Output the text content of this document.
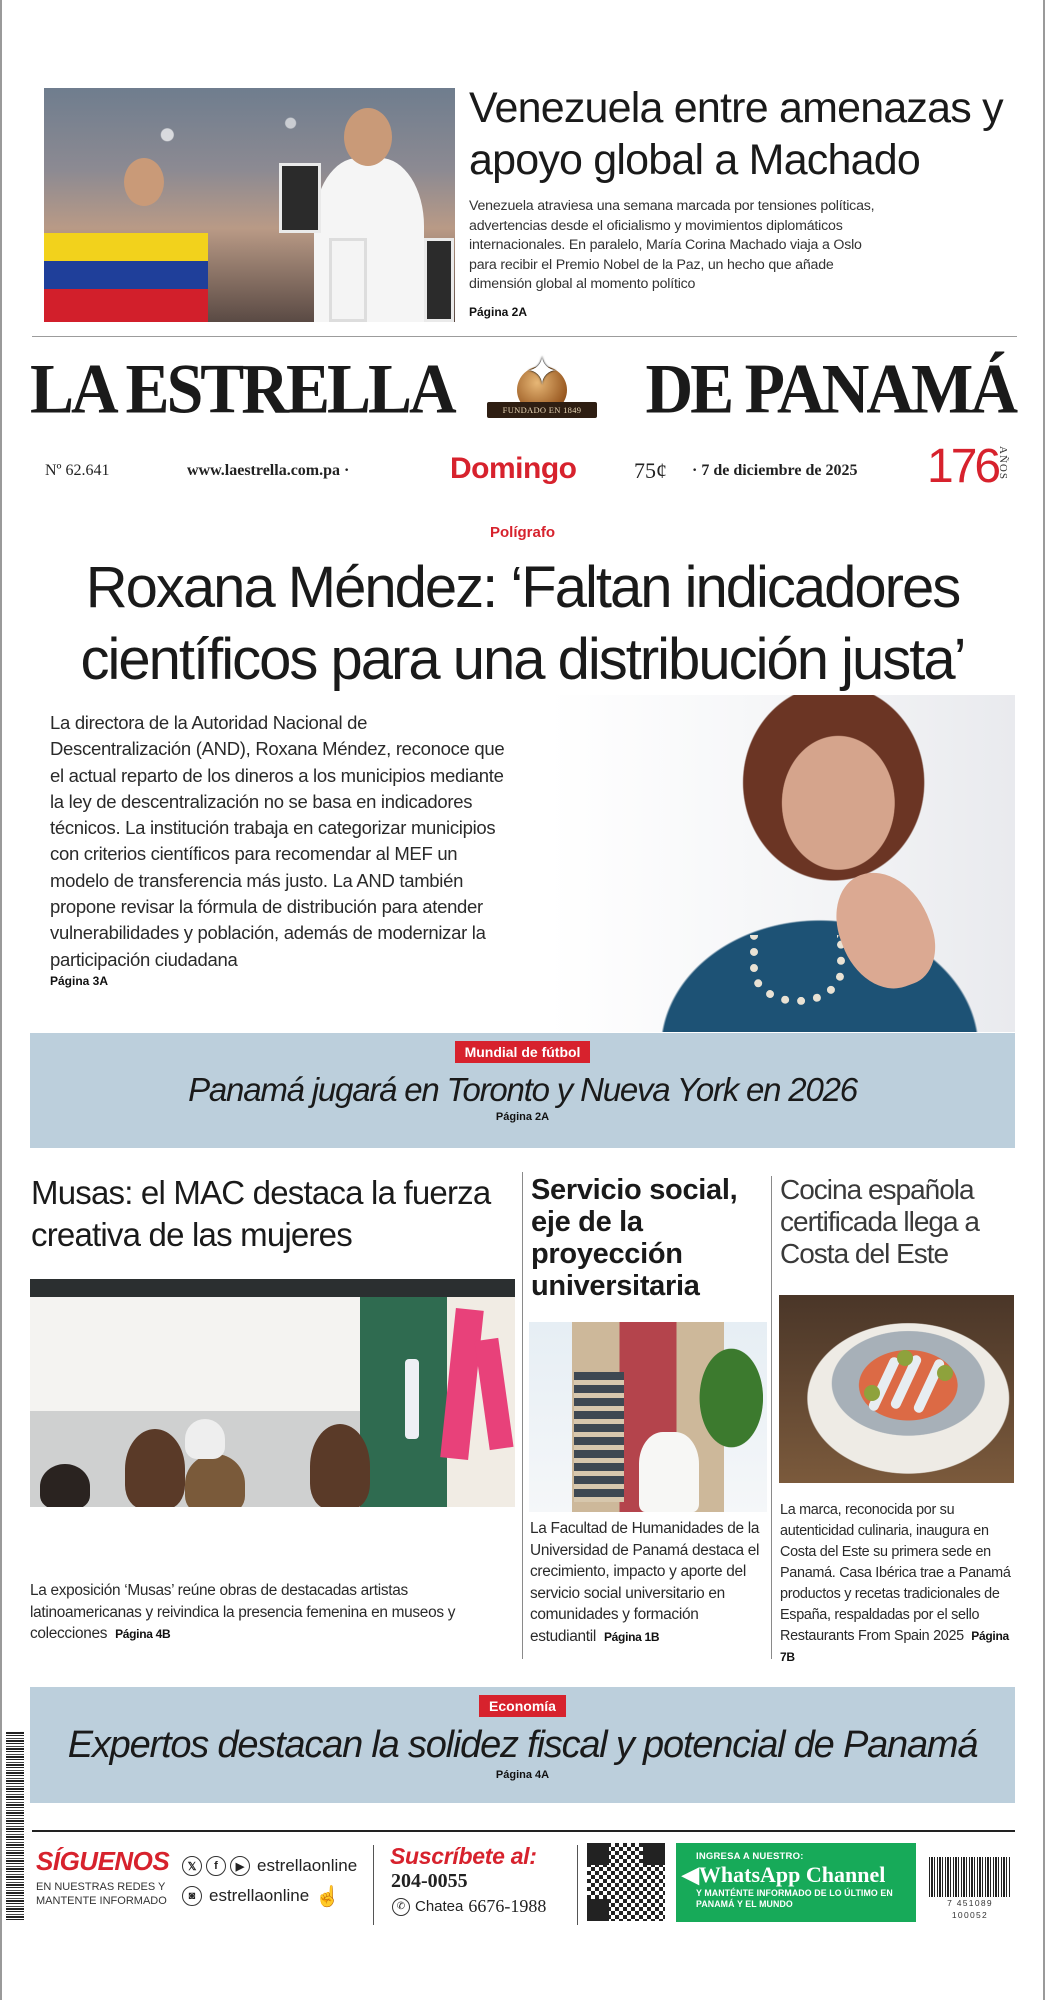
Venezuela entre amenazas y apoyo global a Machado
Venezuela atraviesa una semana marcada por tensiones políticas, advertencias desde el oficialismo y movimientos diplomáticos internacionales. En paralelo, María Corina Machado viaja a Oslo para recibir el Premio Nobel de la Paz, un hecho que añade dimensión global al momento político
Página 2A
LA ESTRELLA ✦
FUNDADO EN 1849 DE PANAMÁ
Nº 62.641	www.laestrella.com.pa ·	Domingo	75¢ · 7 de diciembre de 2025 176
AÑOS
Polígrafo
Roxana Méndez: ‘Faltan indicadores científicos para una distribución justa’
La directora de la Autoridad Nacional de Descentralización (AND), Roxana Méndez, reconoce que el actual reparto de los dineros a los municipios mediante la ley de descentralización no se basa en indicadores técnicos. La institución trabaja en categorizar municipios con criterios científicos para recomendar al MEF un modelo de transferencia más justo. La AND también propone revisar la fórmula de distribución para atender vulnerabilidades y población, además de modernizar la participación ciudadana
Página 3A
Mundial de fútbol
Panamá jugará en Toronto y Nueva York en 2026
Página 2A
Musas: el MAC destaca la fuerza creativa de las mujeres
La exposición ‘Musas’ reúne obras de destacadas artistas latinoamericanas y reivindica la presencia femenina en museos y colecciones Página 4B
Servicio social, eje de la proyección universitaria
La Facultad de Humanidades de la Universidad de Panamá destaca el crecimiento, impacto y aporte del servicio social universitario en comunidades y formación estudiantil Página 1B
Cocina española certificada llega a Costa del Este
La marca, reconocida por su autenticidad culinaria, inaugura en Costa del Este su primera sede en Panamá. Casa Ibérica trae a Panamá productos y recetas tradicionales de España, respaldadas por el sello Restaurants From Spain 2025 Página 7B
Economía
Expertos destacan la solidez fiscal y potencial de Panamá
Página 4A
SÍGUENOS
EN NUESTRAS REDES Y MANTENTE INFORMADO
𝕏	f	▶ estrellaonline
◙ estrellaonline ☝
Suscríbete al:
204-0055
✆ Chatea 6676-1988
INGRESA A NUESTRO:
◀WhatsApp Channel
Y MANTÉNTE INFORMADO DE LO ÚLTIMO EN PANAMÁ Y EL MUNDO	7 451089 100052
